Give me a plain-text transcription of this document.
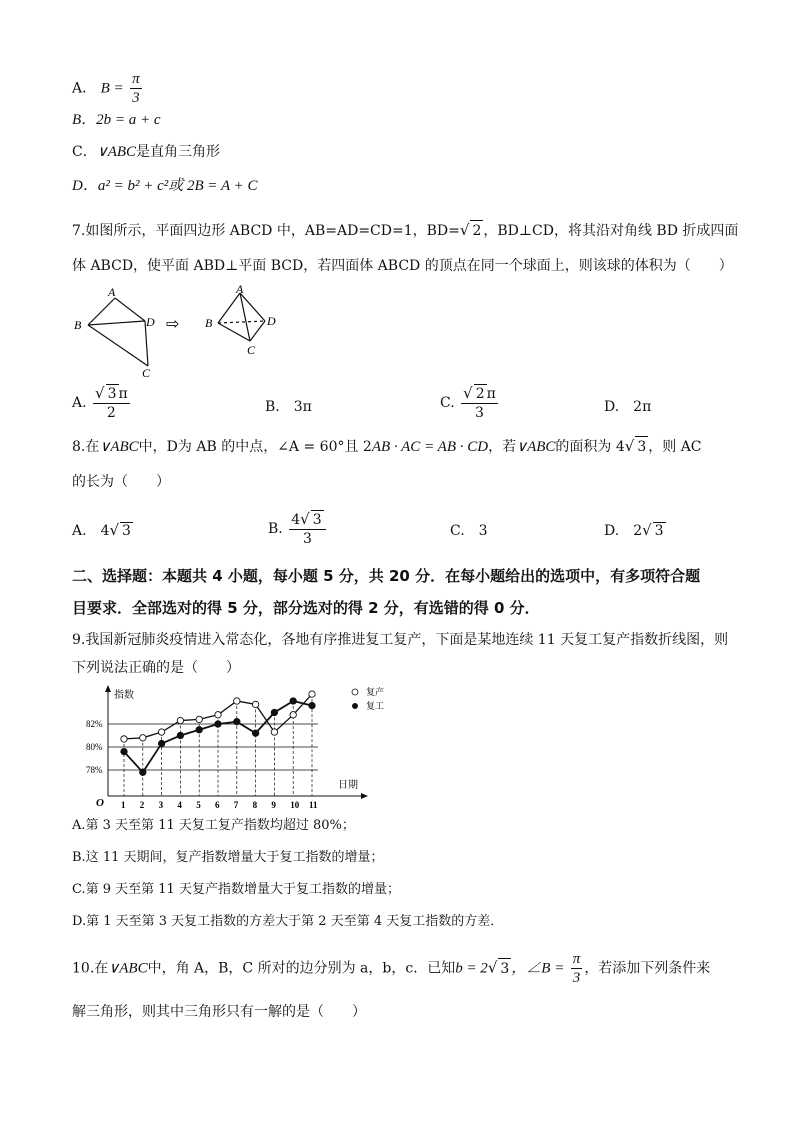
A． $B = \frac{\pi}{3}$
B．2b = a + c
C．∨ABC是直角三角形
D．a² = b² + c²或 2B = A + C
7.如图所示，平面四边形 ABCD 中，AB=AD=CD=1，BD=√ 2 ，BD⊥CD，将其沿对角线 BD 折成四面
体 ABCD，使平面 ABD⊥平面 BCD，若四面体 ABCD 的顶点在同一个球面上，则该球的体积为（　　）
A
B	D
C
⇨
A
B	D
C
A. $\frac{√ 3 \pi}{2}$	B.　3π	C. $\frac{√ 2 \pi}{3}$	D.　2π
8.在∨ABC中，D为 AB 的中点，∠A = 60°且 2AB · AC = AB · CD，若∨ABC的面积为 4√ 3 ，则 AC
的长为（　　）
A.　 4√ 3	B. $\frac{4√ 3}{3}$	C.　3	D.　 2√ 3
二、选择题：本题共 4 小题，每小题 5 分，共 20 分．在每小题给出的选项中，有多项符合题
目要求．全部选对的得 5 分，部分选对的得 2 分，有选错的得 0 分．
9.我国新冠肺炎疫情进入常态化，各地有序推进复工复产，下面是某地连续 11 天复工复产指数折线图，则
下列说法正确的是（　　）
指数
日期
O
78%
80%
82%
1 2 3 4 5 6 7 8 9 10 11
复产
复工
A.第 3 天至第 11 天复工复产指数均超过 80%；
B.这 11 天期间，复产指数增量大于复工指数的增量；
C.第 9 天至第 11 天复产指数增量大于复工指数的增量；
D.第 1 天至第 3 天复工指数的方差大于第 2 天至第 4 天复工指数的方差．
10.在∨ABC中，角 A，B，C 所对的边分别为 a，b，c．已知b = 2√ 3 ，∠B = $\frac{\pi}{3}$ ，若添加下列条件来
解三角形，则其中三角形只有一解的是（　　）
